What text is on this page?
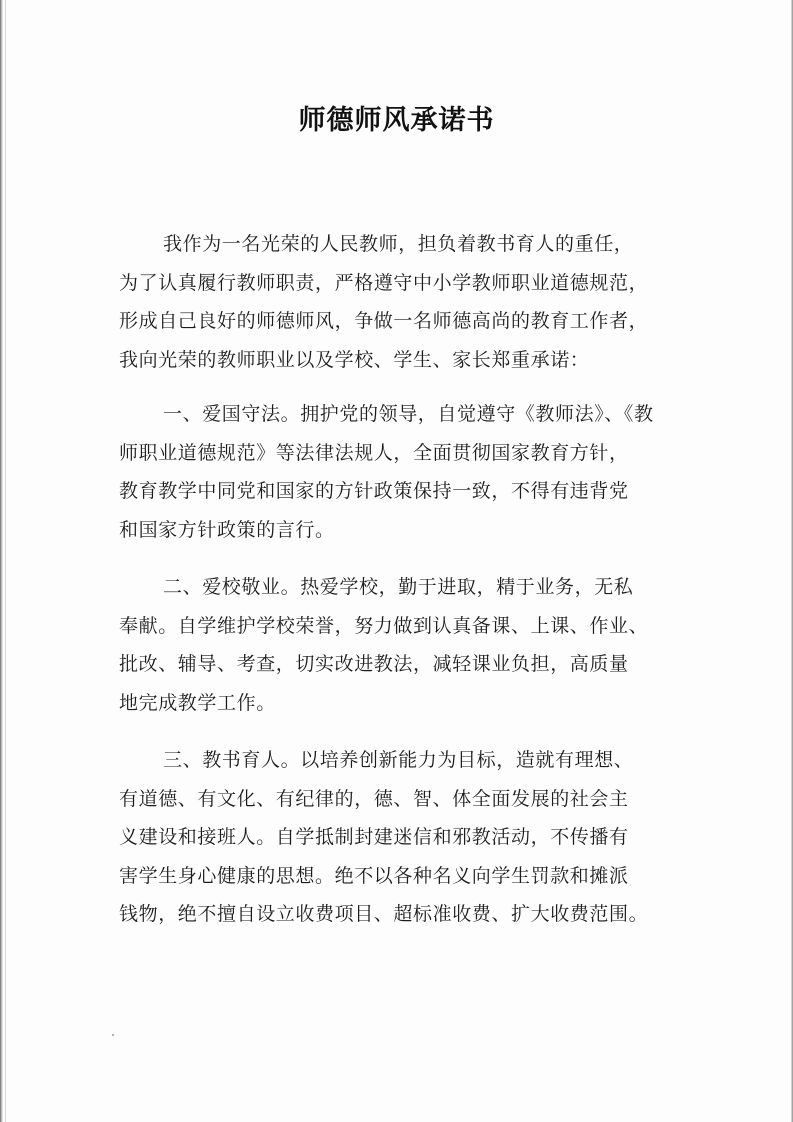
师德师风承诺书
我作为一名光荣的人民教师，担负着教书育人的重任，
为了认真履行教师职责，严格遵守中小学教师职业道德规范，
形成自己良好的师德师风，争做一名师德高尚的教育工作者，
我向光荣的教师职业以及学校、学生、家长郑重承诺：
一、爱国守法。拥护党的领导，自觉遵守《教师法》、《教
师职业道德规范》等法律法规人，全面贯彻国家教育方针，
教育教学中同党和国家的方针政策保持一致，不得有违背党
和国家方针政策的言行。
二、爱校敬业。热爱学校，勤于进取，精于业务，无私
奉献。自学维护学校荣誉，努力做到认真备课、上课、作业、
批改、辅导、考查，切实改进教法，减轻课业负担，高质量
地完成教学工作。
三、教书育人。以培养创新能力为目标，造就有理想、
有道德、有文化、有纪律的，德、智、体全面发展的社会主
义建设和接班人。自学抵制封建迷信和邪教活动，不传播有
害学生身心健康的思想。绝不以各种名义向学生罚款和摊派
钱物，绝不擅自设立收费项目、超标准收费、扩大收费范围。
